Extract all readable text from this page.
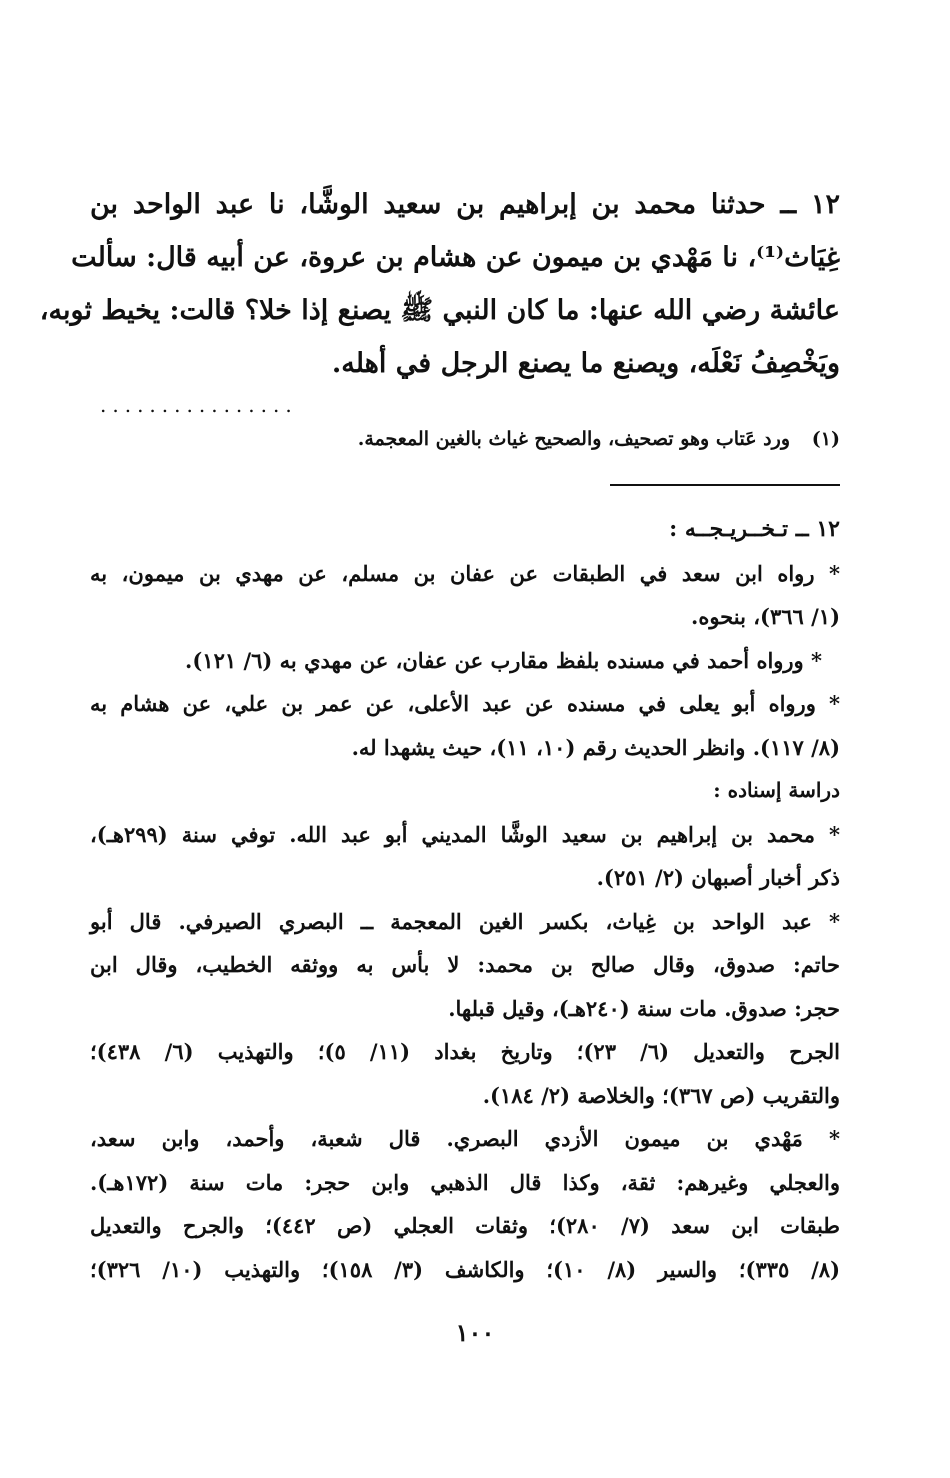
١٢ ــ حدثنا محمد بن إبراهيم بن سعيد الوشَّا، نا عبد الواحد بن
غِيَاث⁽¹⁾، نا مَهْدي بن ميمون عن هشام بن عروة، عن أبيه قال: سألت
عائشة رضي الله عنها: ما كان النبي ﷺ يصنع إذا خلا؟ قالت: يخيط ثوبه،
ويَخْصِفُ نَعْلَه، ويصنع ما يصنع الرجل في أهله.
................
(١)
ورد عَتاب وهو تصحيف، والصحيح غياث بالغين المعجمة.
١٢ ــ تـخــريـجــه :
* رواه ابن سعد في الطبقات عن عفان بن مسلم، عن مهدي بن ميمون، به
(١/ ٣٦٦)، بنحوه.
* ورواه أحمد في مسنده بلفظ مقارب عن عفان، عن مهدي به (٦/ ١٢١).
* ورواه أبو يعلى في مسنده عن عبد الأعلى، عن عمر بن علي، عن هشام به
(٨/ ١١٧). وانظر الحديث رقم (١٠، ١١)، حيث يشهدا له.
دراسة إسناده :
* محمد بن إبراهيم بن سعيد الوشَّا المديني أبو عبد الله. توفي سنة (٢٩٩هـ)،
ذكر أخبار أصبهان (٢/ ٢٥١).
* عبد الواحد بن غِياث، بكسر الغين المعجمة ــ البصري الصيرفي. قال أبو
حاتم: صدوق، وقال صالح بن محمد: لا بأس به ووثقه الخطيب، وقال ابن
حجر: صدوق. مات سنة (٢٤٠هـ)، وقيل قبلها.
الجرح والتعديل (٦/ ٢٣)؛ وتاريخ بغداد (١١/ ٥)؛ والتهذيب (٦/ ٤٣٨)؛
والتقريب (ص ٣٦٧)؛ والخلاصة (٢/ ١٨٤).
* مَهْدي بن ميمون الأزدي البصري. قال شعبة، وأحمد، وابن سعد،
والعجلي وغيرهم: ثقة، وكذا قال الذهبي وابن حجر: مات سنة (١٧٢هـ).
طبقات ابن سعد (٧/ ٢٨٠)؛ وثقات العجلي (ص ٤٤٢)؛ والجرح والتعديل
(٨/ ٣٣٥)؛ والسير (٨/ ١٠)؛ والكاشف (٣/ ١٥٨)؛ والتهذيب (١٠/ ٣٢٦)؛
١٠٠
